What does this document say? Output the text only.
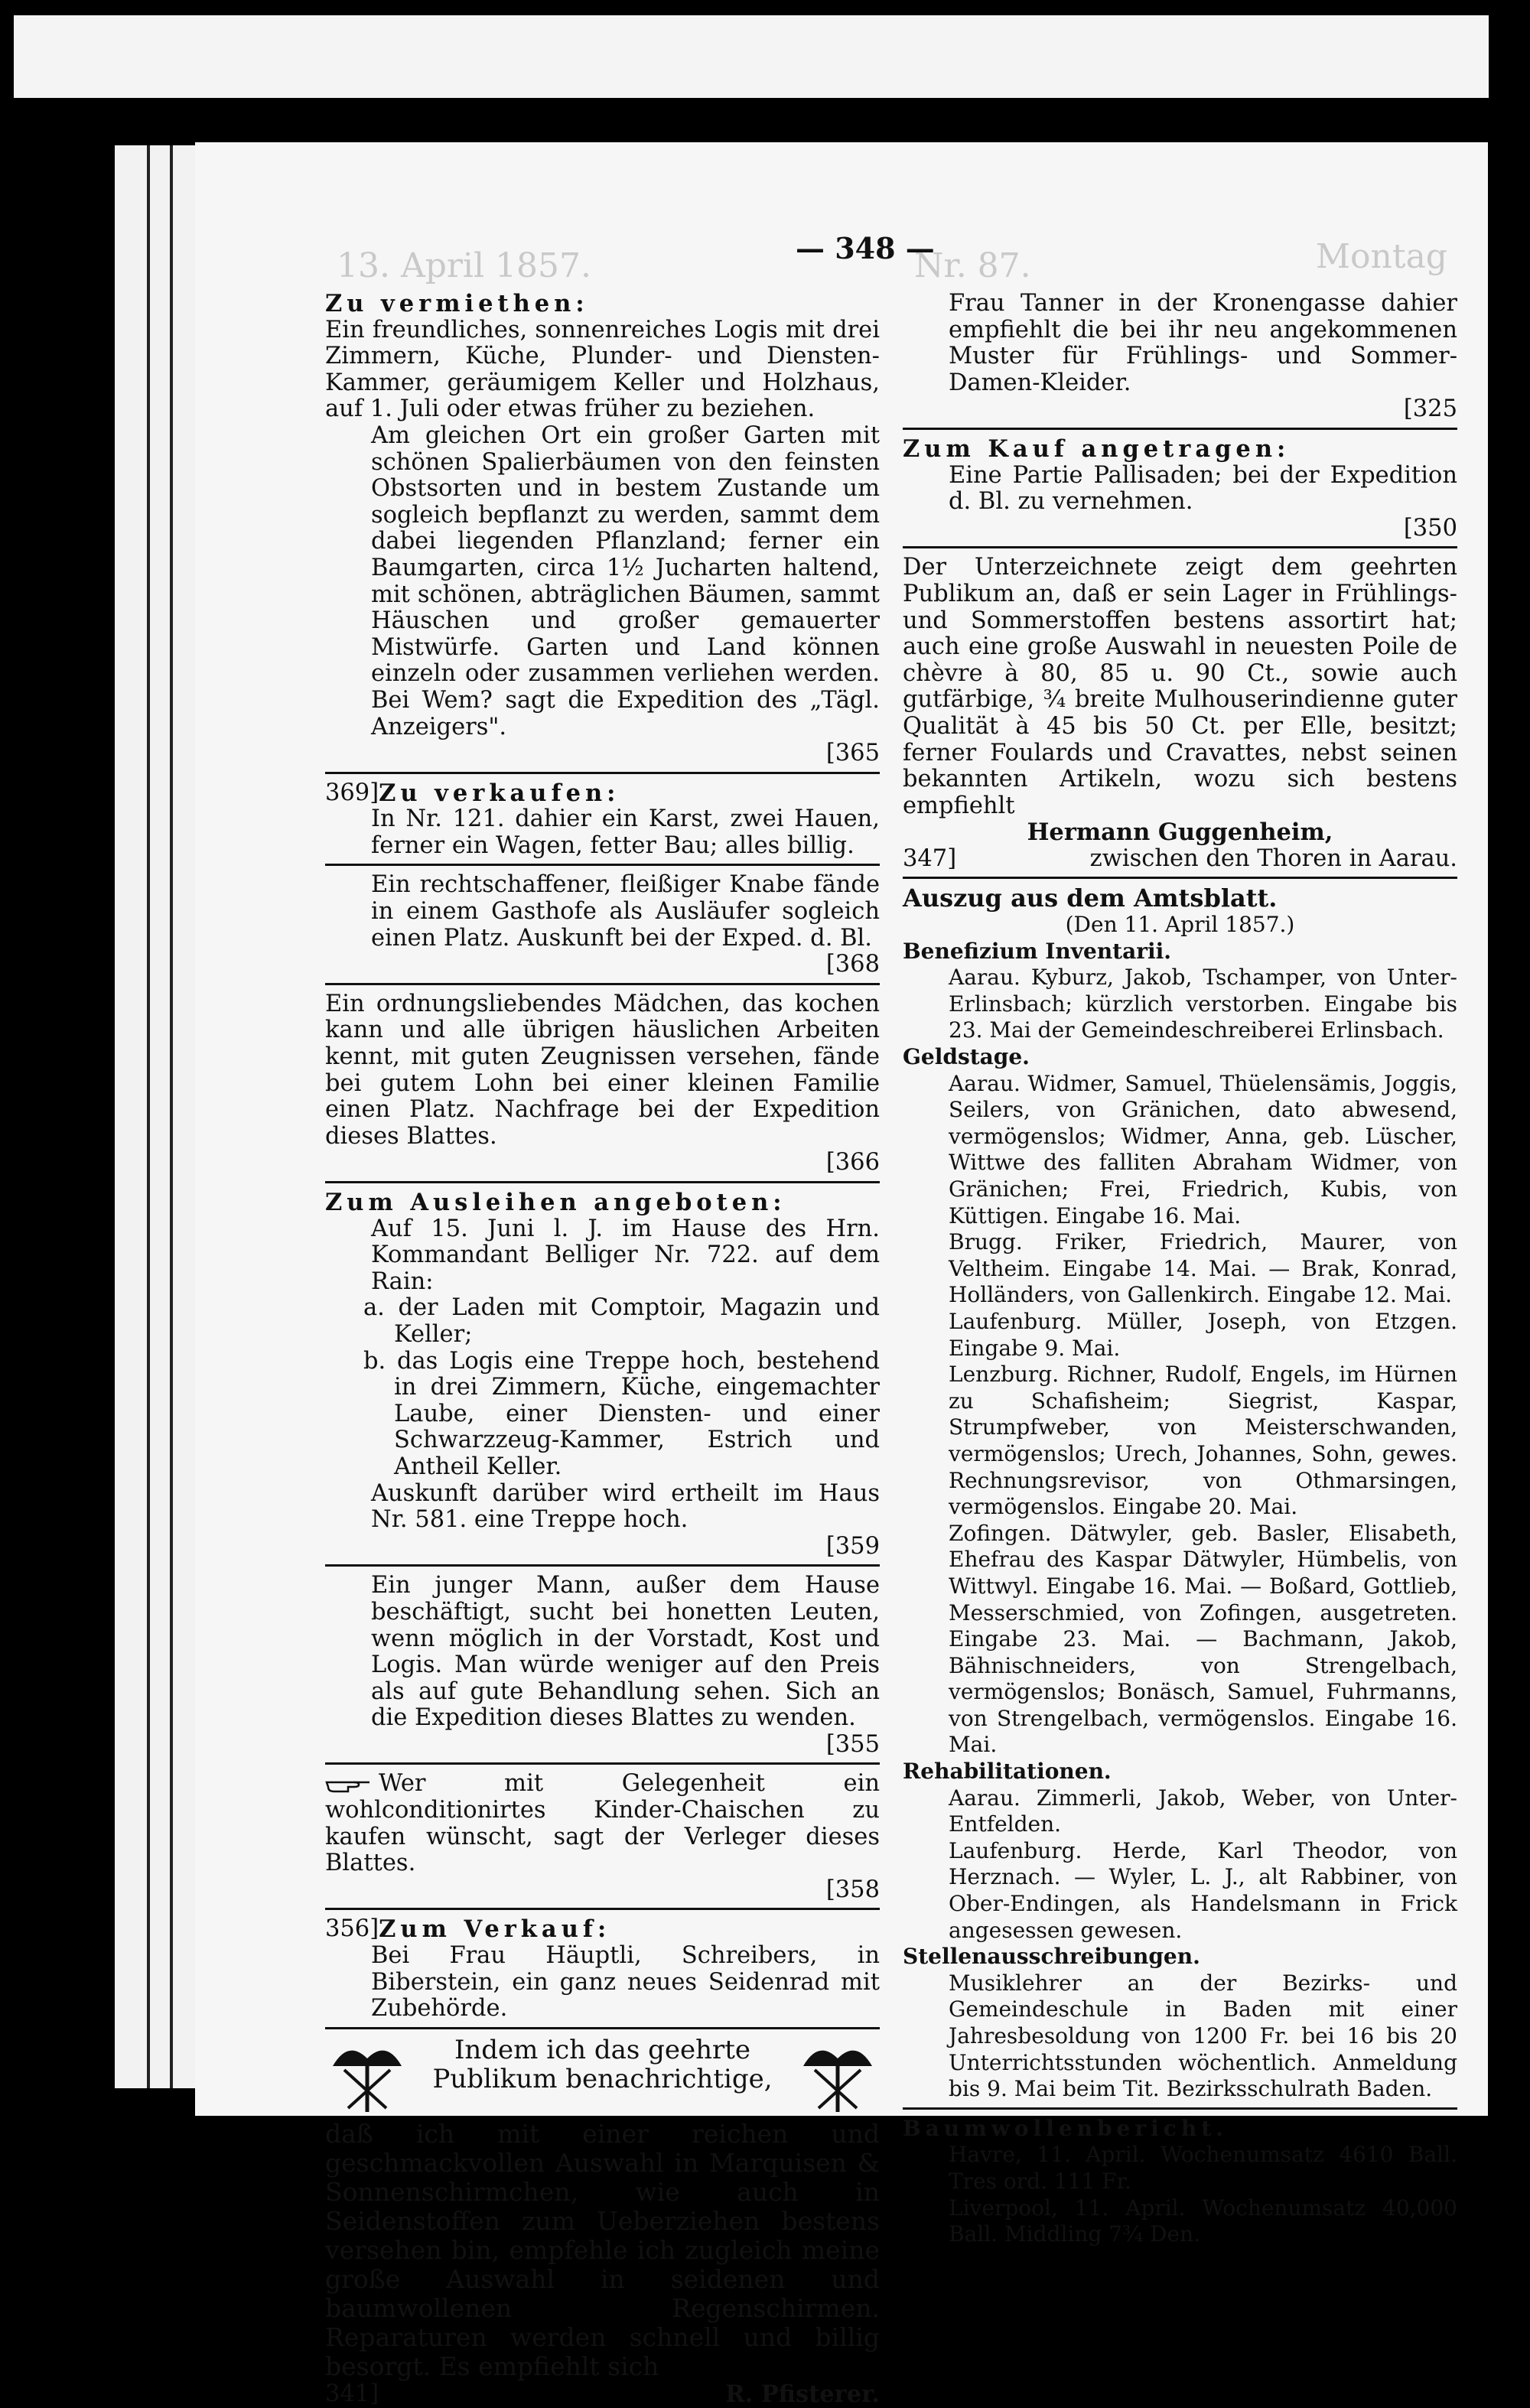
13. April 1857.	Nr. 87.	Montag
— 348 —

Zu vermiethen:

Ein freundliches, sonnenreiches Logis mit drei Zimmern, Küche, Plunder- und Diensten-Kammer, geräumigem Keller und Holzhaus, auf 1. Juli oder etwas früher zu beziehen.

Am gleichen Ort ein großer Garten mit schönen Spalierbäumen von den feinsten Obstsorten und in bestem Zustande um sogleich bepflanzt zu werden, sammt dem dabei liegenden Pflanzland; ferner ein Baumgarten, circa 1½ Jucharten haltend, mit schönen, abträglichen Bäumen, sammt Häuschen und großer gemauerter Mistwürfe. Garten und Land können einzeln oder zusammen verliehen werden. Bei Wem? sagt die Expedition des „Tägl. Anzeigers".

[365
369] Zu verkaufen:

In Nr. 121. dahier ein Karst, zwei Hauen, ferner ein Wagen, fetter Bau; alles billig.

Ein rechtschaffener, fleißiger Knabe fände in einem Gasthofe als Ausläufer sogleich einen Platz. Auskunft bei der Exped. d. Bl.

[368

Ein ordnungsliebendes Mädchen, das kochen kann und alle übrigen häuslichen Arbeiten kennt, mit guten Zeugnissen versehen, fände bei gutem Lohn bei einer kleinen Familie einen Platz. Nachfrage bei der Expedition dieses Blattes.

[366

Zum Ausleihen angeboten:

Auf 15. Juni l. J. im Hause des Hrn. Kommandant Belliger Nr. 722. auf dem Rain:

a. der Laden mit Comptoir, Magazin und Keller;

b. das Logis eine Treppe hoch, bestehend in drei Zimmern, Küche, eingemachter Laube, einer Diensten- und einer Schwarzzeug-Kammer, Estrich und Antheil Keller.

Auskunft darüber wird ertheilt im Haus Nr. 581. eine Treppe hoch.

[359

Ein junger Mann, außer dem Hause beschäftigt, sucht bei honetten Leuten, wenn möglich in der Vorstadt, Kost und Logis. Man würde weniger auf den Preis als auf gute Behandlung sehen. Sich an die Expedition dieses Blattes zu wenden.

[355

Wer mit Gelegenheit ein wohlconditionirtes Kinder-Chaischen zu kaufen wünscht, sagt der Verleger dieses Blattes.

[358
356] Zum Verkauf:

Bei Frau Häuptli, Schreibers, in Biberstein, ein ganz neues Seidenrad mit Zubehörde.

Indem ich das geehrte Publikum benachrichtige,

daß ich mit einer reichen und geschmackvollen Auswahl in Marquisen & Sonnenschirmchen, wie auch in Seidenstoffen zum Ueberziehen bestens versehen bin, empfehle ich zugleich meine große Auswahl in seidenen und baumwollenen Regenschirmen. Reparaturen werden schnell und billig besorgt. Es empfiehlt sich

341]	R. Pfisterer.

Frau Tanner in der Kronengasse dahier empfiehlt die bei ihr neu angekommenen Muster für Frühlings- und Sommer-Damen-Kleider.

[325

Zum Kauf angetragen:

Eine Partie Pallisaden; bei der Expedition d. Bl. zu vernehmen.

[350

Der Unterzeichnete zeigt dem geehrten Publikum an, daß er sein Lager in Frühlings- und Sommerstoffen bestens assortirt hat; auch eine große Auswahl in neuesten Poile de chèvre à 80, 85 u. 90 Ct., sowie auch gutfärbige, ¾ breite Mulhouserindienne guter Qualität à 45 bis 50 Ct. per Elle, besitzt; ferner Foulards und Cravattes, nebst seinen bekannten Artikeln, wozu sich bestens empfiehlt

Hermann Guggenheim,

347]	zwischen den Thoren in Aarau.

Auszug aus dem Amtsblatt.

(Den 11. April 1857.)

Benefizium Inventarii.

Aarau. Kyburz, Jakob, Tschamper, von Unter-Erlinsbach; kürzlich verstorben. Eingabe bis 23. Mai der Gemeindeschreiberei Erlinsbach.

Geldstage.

Aarau. Widmer, Samuel, Thüelensämis, Joggis, Seilers, von Gränichen, dato abwesend, vermögenslos; Widmer, Anna, geb. Lüscher, Wittwe des falliten Abraham Widmer, von Gränichen; Frei, Friedrich, Kubis, von Küttigen. Eingabe 16. Mai.

Brugg. Friker, Friedrich, Maurer, von Veltheim. Eingabe 14. Mai. — Brak, Konrad, Holländers, von Gallenkirch. Eingabe 12. Mai.

Laufenburg. Müller, Joseph, von Etzgen. Eingabe 9. Mai.

Lenzburg. Richner, Rudolf, Engels, im Hürnen zu Schafisheim; Siegrist, Kaspar, Strumpfweber, von Meisterschwanden, vermögenslos; Urech, Johannes, Sohn, gewes. Rechnungsrevisor, von Othmarsingen, vermögenslos. Eingabe 20. Mai.

Zofingen. Dätwyler, geb. Basler, Elisabeth, Ehefrau des Kaspar Dätwyler, Hümbelis, von Wittwyl. Eingabe 16. Mai. — Boßard, Gottlieb, Messerschmied, von Zofingen, ausgetreten. Eingabe 23. Mai. — Bachmann, Jakob, Bähnischneiders, von Strengelbach, vermögenslos; Bonäsch, Samuel, Fuhrmanns, von Strengelbach, vermögenslos. Eingabe 16. Mai.

Rehabilitationen.

Aarau. Zimmerli, Jakob, Weber, von Unter-Entfelden.

Laufenburg. Herde, Karl Theodor, von Herznach. — Wyler, L. J., alt Rabbiner, von Ober-Endingen, als Handelsmann in Frick angesessen gewesen.

Stellenausschreibungen.

Musiklehrer an der Bezirks- und Gemeindeschule in Baden mit einer Jahresbesoldung von 1200 Fr. bei 16 bis 20 Unterrichtsstunden wöchentlich. Anmeldung bis 9. Mai beim Tit. Bezirksschulrath Baden.

Baumwollenbericht.

Havre, 11. April. Wochenumsatz 4610 Ball. Tres ord. 111 Fr.

Liverpool, 11. April. Wochenumsatz 40,000 Ball. Middling 7¾ Den.
